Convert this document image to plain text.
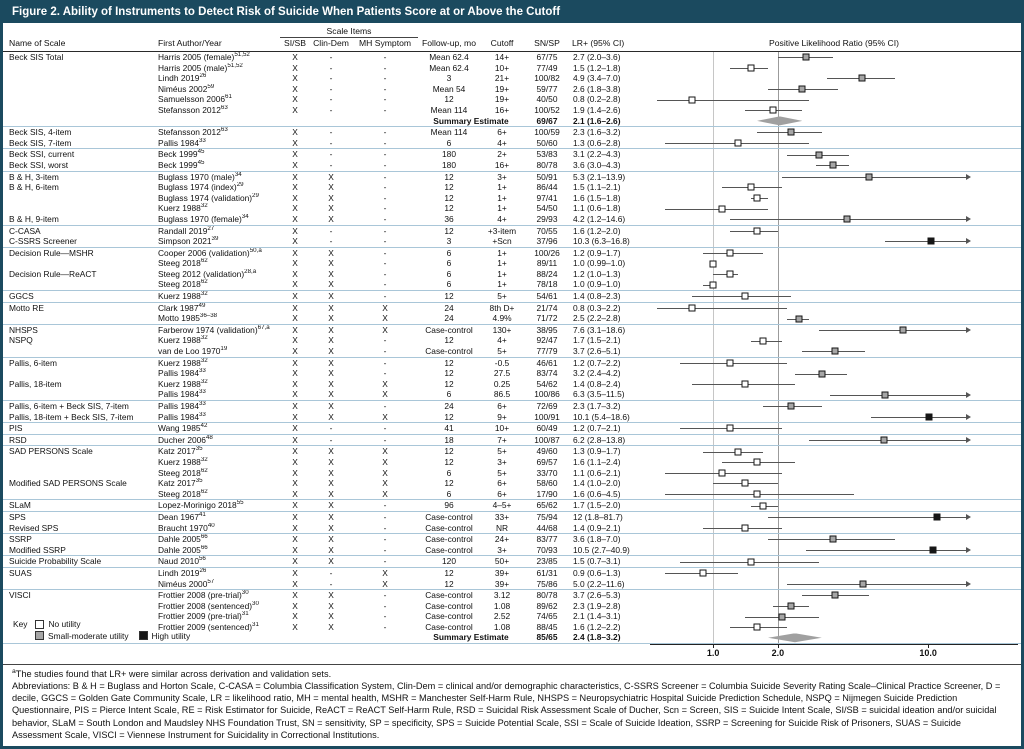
Figure 2. Ability of Instruments to Detect Risk of Suicide When Patients Score at or Above the Cutoff
Scale Items
Name of Scale	First Author/Year	SI/SB Clin-Dem	MH Symptom	Follow-up, mo	Cutoff	SN/SP	LR+ (95% CI)	Positive Likelihood Ratio (95% CI)
Beck SIS Total	Harris 2005 (female)$^{51,52}$	X	-	-	Mean 62.4	14+	67/75	2.7 (2.0–3.6)
Harris 2005 (male)$^{51,52}$	X	-	-	Mean 62.4	10+	77/49	1.5 (1.2–1.8)
Lindh 2019$^{26}$	X	-	-	3	21+	100/82	4.9 (3.4–7.0)
Niméus 2002$^{59}$	X	-	-	Mean 54	19+	59/77	2.6 (1.8–3.8)
Samuelsson 2006$^{61}$	X	-	-	12	19+	40/50	0.8 (0.2–2.8)
Stefansson 2012$^{63}$	X	-	-	Mean 114	16+	100/52	1.9 (1.4–2.6)
Summary Estimate	69/67	2.1 (1.6–2.6)
Beck SIS, 4-item	Stefansson 2012$^{63}$	X	-	-	Mean 114	6+	100/59	2.3 (1.6–3.2)
Beck SIS, 7-item	Pallis 1984$^{33}$	X	-	-	6	4+	50/60	1.3 (0.6–2.8)
Beck SSI, current	Beck 1999$^{45}$	X	-	-	180	2+	53/83	3.1 (2.2–4.3)
Beck SSI, worst	Beck 1999$^{45}$	X	-	-	180	16+	80/78	3.6 (3.0–4.3)
B & H, 3-item	Buglass 1970 (male)$^{34}$	X	X	-	12	3+	50/91	5.3 (2.1–13.9)
B & H, 6-item	Buglass 1974 (index)$^{29}$	X	X	-	12	1+	86/44	1.5 (1.1–2.1)
Buglass 1974 (validation)$^{29}$	X	X	-	12	1+	97/41	1.6 (1.5–1.8)
Kuerz 1988$^{32}$	X	X	-	12	1+	54/50	1.1 (0.6–1.8)
B & H, 9-item	Buglass 1970 (female)$^{34}$	X	X	-	36	4+	29/93	4.2 (1.2–14.6)
C-CASA	Randall 2019$^{27}$	X	-	-	12	+3-item	70/55	1.6 (1.2–2.0)
C-SSRS Screener	Simpson 2021$^{39}$	X	-	-	3	+Scn	37/96	10.3 (6.3–16.8)
Decision Rule—MSHR	Cooper 2006 (validation)$^{50,a}$	X	X	-	6	1+	100/26	1.2 (0.9–1.7)
Steeg 2018$^{62}$	X	X	-	6	1+	89/11	1.0 (0.99–1.0)
Decision Rule—ReACT	Steeg 2012 (validation)$^{28,a}$	X	X	-	6	1+	88/24	1.2 (1.0–1.3)
Steeg 2018$^{62}$	X	X	-	6	1+	78/18	1.0 (0.9–1.0)
GGCS	Kuerz 1988$^{32}$	X	X	-	12	5+	54/61	1.4 (0.8–2.3)
Motto RE	Clark 1987$^{49}$	X	X	X	24	8th D+	21/74	0.8 (0.3–2.2)
Motto 1985$^{36-38}$	X	X	X	24	4.9%	71/72	2.5 (2.2–2.8)
NHSPS	Farberow 1974 (validation)$^{67,a}$	X	X	X	Case-control	130+	38/95	7.6 (3.1–18.6)
NSPQ	Kuerz 1988$^{32}$	X	X	-	12	4+	92/47	1.7 (1.5–2.1)
van de Loo 1970$^{19}$	X	X	-	Case-control	5+	77/79	3.7 (2.6–5.1)
Pallis, 6-item	Kuerz 1988$^{32}$	X	X	-	12	-0.5	46/61	1.2 (0.7–2.2)
Pallis 1984$^{33}$	X	X	-	12	27.5	83/74	3.2 (2.4–4.2)
Pallis, 18-item	Kuerz 1988$^{32}$	X	X	X	12	0.25	54/62	1.4 (0.8–2.4)
Pallis 1984$^{33}$	X	X	X	6	86.5	100/86	6.3 (3.5–11.5)
Pallis, 6-item + Beck SIS, 7-item	Pallis 1984$^{33}$	X	X	-	24	6+	72/69	2.3 (1.7–3.2)
Pallis, 18-item + Beck SIS, 7-item	Pallis 1984$^{33}$	X	X	X	12	9+	100/91	10.1 (5.4–18.6)
PIS	Wang 1985$^{42}$	X	-	-	41	10+	60/49	1.2 (0.7–2.1)
RSD	Ducher 2006$^{48}$	X	-	-	18	7+	100/87	6.2 (2.8–13.8)
SAD PERSONS Scale	Katz 2017$^{35}$	X	X	X	12	5+	49/60	1.3 (0.9–1.7)
Kuerz 1988$^{32}$	X	X	X	12	3+	69/57	1.6 (1.1–2.4)
Steeg 2018$^{62}$	X	X	X	6	5+	33/70	1.1 (0.6–2.1)
Modified SAD PERSONS Scale	Katz 2017$^{35}$	X	X	X	12	6+	58/60	1.4 (1.0–2.0)
Steeg 2018$^{62}$	X	X	X	6	6+	17/90	1.6 (0.6–4.5)
SLaM	Lopez-Morinigo 2018$^{55}$	X	X	-	96	4–5+	65/62	1.7 (1.5–2.0)
SPS	Dean 1967$^{41}$	X	X	-	Case-control	33+	75/94	12 (1.8–81.7)
Revised SPS	Braucht 1970$^{40}$	X	X	-	Case-control	NR	44/68	1.4 (0.9–2.1)
SSRP	Dahle 2005$^{66}$	X	X	-	Case-control	24+	83/77	3.6 (1.8–7.0)
Modified SSRP	Dahle 2005$^{66}$	X	X	-	Case-control	3+	70/93	10.5 (2.7–40.9)
Suicide Probability Scale	Naud 2010$^{56}$	X	X	-	120	50+	23/85	1.5 (0.7–3.1)
SUAS	Lindh 2019$^{26}$	X	-	X	12	39+	61/31	0.9 (0.6–1.3)
Niméus 2000$^{57}$	X	-	X	12	39+	75/86	5.0 (2.2–11.6)
VISCI	Frottier 2008 (pre-trial)$^{30}$	X	X	-	Case-control	3.12	80/78	3.7 (2.6–5.3)
Frottier 2008 (sentenced)$^{30}$	X	X	-	Case-control	1.08	89/62	2.3 (1.9–2.8)
Frottier 2009 (pre-trial)$^{31}$	X	X	-	Case-control	2.52	74/65	2.1 (1.4–3.1)
Frottier 2009 (sentenced)$^{31}$	X	X	-	Case-control	1.08	88/45	1.6 (1.2–2.2)
Summary Estimate	85/65	2.4 (1.8–3.2)
Key	No utility
Small-moderate utility	High utility
1.0	2.0	10.0
$^a$The studies found that LR+ were similar across derivation and validation sets.
Abbreviations: B & H = Buglass and Horton Scale, C-CASA = Columbia Classification System, Clin-Dem = clinical and/or demographic characteristics, C-SSRS Screener = Columbia Suicide Severity Rating Scale–Clinical Practice Screener, D = decile, GGCS = Golden Gate Community Scale, LR = likelihood ratio, MH = mental health, MSHR = Manchester Self-Harm Rule, NHSPS = Neuropsychiatric Hospital Suicide Prediction Schedule, NSPQ = Nijmegen Suicide Prediction Questionnaire, PIS = Pierce Intent Scale, RE = Risk Estimator for Suicide, ReACT = ReACT Self-Harm Rule, RSD = Suicidal Risk Assessment Scale of Ducher, Scn = Screen, SIS = Suicide Intent Scale, SI/SB = suicidal ideation and/or suicidal behavior, SLaM = South London and Maudsley NHS Foundation Trust, SN = sensitivity, SP = specificity, SPS = Suicide Potential Scale, SSI = Scale of Suicide Ideation, SSRP = Screening for Suicide Risk of Prisoners, SUAS = Suicide Assessment Scale, VISCI = Viennese Instrument for Suicidality in Correctional Institutions.
